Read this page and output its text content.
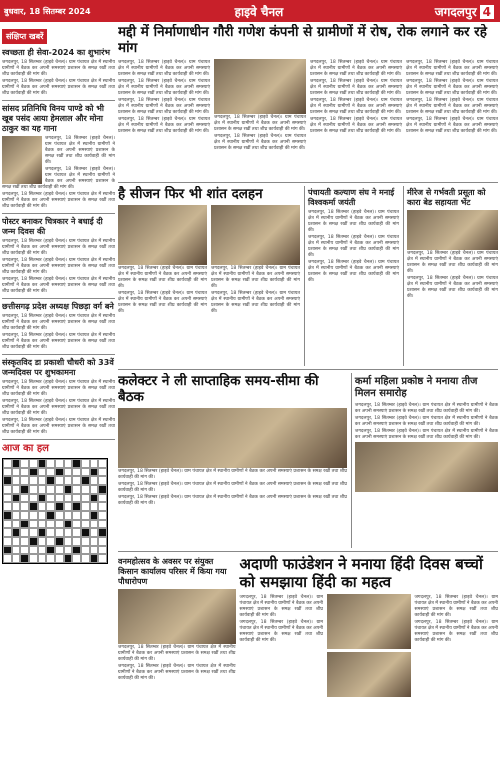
बुधवार, 18 सितम्बर 2024	हाइवे चैनल	जगदलपुर 4
संक्षिप्त खबरें
स्वच्छता ही सेवा-2024 का शुभारंभ
जगदलपुर, 18 सितम्बर (हाइवे चैनल)। ग्राम पंचायत क्षेत्र में स्थानीय ग्रामीणों ने बैठक कर अपनी समस्याएं प्रशासन के समक्ष रखीं तथा शीघ्र कार्यवाही की मांग की।
जगदलपुर, 18 सितम्बर (हाइवे चैनल)। ग्राम पंचायत क्षेत्र में स्थानीय ग्रामीणों ने बैठक कर अपनी समस्याएं प्रशासन के समक्ष रखीं तथा शीघ्र कार्यवाही की मांग की।
सांसद प्रतिनिधि विनय पाण्डे को भी खूब पसंद आया हेमलाल और मोना ठाकुर का यह गाना
जगदलपुर, 18 सितम्बर (हाइवे चैनल)। ग्राम पंचायत क्षेत्र में स्थानीय ग्रामीणों ने बैठक कर अपनी समस्याएं प्रशासन के समक्ष रखीं तथा शीघ्र कार्यवाही की मांग की।
जगदलपुर, 18 सितम्बर (हाइवे चैनल)। ग्राम पंचायत क्षेत्र में स्थानीय ग्रामीणों ने बैठक कर अपनी समस्याएं प्रशासन के समक्ष रखीं तथा शीघ्र कार्यवाही की मांग की।
जगदलपुर, 18 सितम्बर (हाइवे चैनल)। ग्राम पंचायत क्षेत्र में स्थानीय ग्रामीणों ने बैठक कर अपनी समस्याएं प्रशासन के समक्ष रखीं तथा शीघ्र कार्यवाही की मांग की।
पोस्टर बनाकर चित्रकार ने बधाई दी जन्म दिवस की
जगदलपुर, 18 सितम्बर (हाइवे चैनल)। ग्राम पंचायत क्षेत्र में स्थानीय ग्रामीणों ने बैठक कर अपनी समस्याएं प्रशासन के समक्ष रखीं तथा शीघ्र कार्यवाही की मांग की।
जगदलपुर, 18 सितम्बर (हाइवे चैनल)। ग्राम पंचायत क्षेत्र में स्थानीय ग्रामीणों ने बैठक कर अपनी समस्याएं प्रशासन के समक्ष रखीं तथा शीघ्र कार्यवाही की मांग की।
जगदलपुर, 18 सितम्बर (हाइवे चैनल)। ग्राम पंचायत क्षेत्र में स्थानीय ग्रामीणों ने बैठक कर अपनी समस्याएं प्रशासन के समक्ष रखीं तथा शीघ्र कार्यवाही की मांग की।
छत्तीसगढ़ प्रदेश अध्यक्ष पिछड़ा वर्ग बने
जगदलपुर, 18 सितम्बर (हाइवे चैनल)। ग्राम पंचायत क्षेत्र में स्थानीय ग्रामीणों ने बैठक कर अपनी समस्याएं प्रशासन के समक्ष रखीं तथा शीघ्र कार्यवाही की मांग की।
जगदलपुर, 18 सितम्बर (हाइवे चैनल)। ग्राम पंचायत क्षेत्र में स्थानीय ग्रामीणों ने बैठक कर अपनी समस्याएं प्रशासन के समक्ष रखीं तथा शीघ्र कार्यवाही की मांग की।
संस्कृतविद डा प्रकाशी चौधरी को 33वें जन्मदिवस पर शुभकामना
जगदलपुर, 18 सितम्बर (हाइवे चैनल)। ग्राम पंचायत क्षेत्र में स्थानीय ग्रामीणों ने बैठक कर अपनी समस्याएं प्रशासन के समक्ष रखीं तथा शीघ्र कार्यवाही की मांग की।
जगदलपुर, 18 सितम्बर (हाइवे चैनल)। ग्राम पंचायत क्षेत्र में स्थानीय ग्रामीणों ने बैठक कर अपनी समस्याएं प्रशासन के समक्ष रखीं तथा शीघ्र कार्यवाही की मांग की।
जगदलपुर, 18 सितम्बर (हाइवे चैनल)। ग्राम पंचायत क्षेत्र में स्थानीय ग्रामीणों ने बैठक कर अपनी समस्याएं प्रशासन के समक्ष रखीं तथा शीघ्र कार्यवाही की मांग की।
आज का हल
मद्दी में निर्माणाधीन गौरी गणेश कंपनी से ग्रामीणों में रोष, रोक लगाने कर रहे मांग
जगदलपुर, 18 सितम्बर (हाइवे चैनल)। ग्राम पंचायत क्षेत्र में स्थानीय ग्रामीणों ने बैठक कर अपनी समस्याएं प्रशासन के समक्ष रखीं तथा शीघ्र कार्यवाही की मांग की।
जगदलपुर, 18 सितम्बर (हाइवे चैनल)। ग्राम पंचायत क्षेत्र में स्थानीय ग्रामीणों ने बैठक कर अपनी समस्याएं प्रशासन के समक्ष रखीं तथा शीघ्र कार्यवाही की मांग की।
जगदलपुर, 18 सितम्बर (हाइवे चैनल)। ग्राम पंचायत क्षेत्र में स्थानीय ग्रामीणों ने बैठक कर अपनी समस्याएं प्रशासन के समक्ष रखीं तथा शीघ्र कार्यवाही की मांग की।
जगदलपुर, 18 सितम्बर (हाइवे चैनल)। ग्राम पंचायत क्षेत्र में स्थानीय ग्रामीणों ने बैठक कर अपनी समस्याएं प्रशासन के समक्ष रखीं तथा शीघ्र कार्यवाही की मांग की।
जगदलपुर, 18 सितम्बर (हाइवे चैनल)। ग्राम पंचायत क्षेत्र में स्थानीय ग्रामीणों ने बैठक कर अपनी समस्याएं प्रशासन के समक्ष रखीं तथा शीघ्र कार्यवाही की मांग की।
जगदलपुर, 18 सितम्बर (हाइवे चैनल)। ग्राम पंचायत क्षेत्र में स्थानीय ग्रामीणों ने बैठक कर अपनी समस्याएं प्रशासन के समक्ष रखीं तथा शीघ्र कार्यवाही की मांग की।
जगदलपुर, 18 सितम्बर (हाइवे चैनल)। ग्राम पंचायत क्षेत्र में स्थानीय ग्रामीणों ने बैठक कर अपनी समस्याएं प्रशासन के समक्ष रखीं तथा शीघ्र कार्यवाही की मांग की।
जगदलपुर, 18 सितम्बर (हाइवे चैनल)। ग्राम पंचायत क्षेत्र में स्थानीय ग्रामीणों ने बैठक कर अपनी समस्याएं प्रशासन के समक्ष रखीं तथा शीघ्र कार्यवाही की मांग की।
जगदलपुर, 18 सितम्बर (हाइवे चैनल)। ग्राम पंचायत क्षेत्र में स्थानीय ग्रामीणों ने बैठक कर अपनी समस्याएं प्रशासन के समक्ष रखीं तथा शीघ्र कार्यवाही की मांग की।
जगदलपुर, 18 सितम्बर (हाइवे चैनल)। ग्राम पंचायत क्षेत्र में स्थानीय ग्रामीणों ने बैठक कर अपनी समस्याएं प्रशासन के समक्ष रखीं तथा शीघ्र कार्यवाही की मांग की।
जगदलपुर, 18 सितम्बर (हाइवे चैनल)। ग्राम पंचायत क्षेत्र में स्थानीय ग्रामीणों ने बैठक कर अपनी समस्याएं प्रशासन के समक्ष रखीं तथा शीघ्र कार्यवाही की मांग की।
जगदलपुर, 18 सितम्बर (हाइवे चैनल)। ग्राम पंचायत क्षेत्र में स्थानीय ग्रामीणों ने बैठक कर अपनी समस्याएं प्रशासन के समक्ष रखीं तथा शीघ्र कार्यवाही की मांग की।
जगदलपुर, 18 सितम्बर (हाइवे चैनल)। ग्राम पंचायत क्षेत्र में स्थानीय ग्रामीणों ने बैठक कर अपनी समस्याएं प्रशासन के समक्ष रखीं तथा शीघ्र कार्यवाही की मांग की।
जगदलपुर, 18 सितम्बर (हाइवे चैनल)। ग्राम पंचायत क्षेत्र में स्थानीय ग्रामीणों ने बैठक कर अपनी समस्याएं प्रशासन के समक्ष रखीं तथा शीघ्र कार्यवाही की मांग की।
है सीजन फिर भी शांत दलहन
जगदलपुर, 18 सितम्बर (हाइवे चैनल)। ग्राम पंचायत क्षेत्र में स्थानीय ग्रामीणों ने बैठक कर अपनी समस्याएं प्रशासन के समक्ष रखीं तथा शीघ्र कार्यवाही की मांग की।
जगदलपुर, 18 सितम्बर (हाइवे चैनल)। ग्राम पंचायत क्षेत्र में स्थानीय ग्रामीणों ने बैठक कर अपनी समस्याएं प्रशासन के समक्ष रखीं तथा शीघ्र कार्यवाही की मांग की।
जगदलपुर, 18 सितम्बर (हाइवे चैनल)। ग्राम पंचायत क्षेत्र में स्थानीय ग्रामीणों ने बैठक कर अपनी समस्याएं प्रशासन के समक्ष रखीं तथा शीघ्र कार्यवाही की मांग की।
जगदलपुर, 18 सितम्बर (हाइवे चैनल)। ग्राम पंचायत क्षेत्र में स्थानीय ग्रामीणों ने बैठक कर अपनी समस्याएं प्रशासन के समक्ष रखीं तथा शीघ्र कार्यवाही की मांग की।
पंचायती कल्याण संघ ने मनाई विश्वकर्मा जयंती
जगदलपुर, 18 सितम्बर (हाइवे चैनल)। ग्राम पंचायत क्षेत्र में स्थानीय ग्रामीणों ने बैठक कर अपनी समस्याएं प्रशासन के समक्ष रखीं तथा शीघ्र कार्यवाही की मांग की।
जगदलपुर, 18 सितम्बर (हाइवे चैनल)। ग्राम पंचायत क्षेत्र में स्थानीय ग्रामीणों ने बैठक कर अपनी समस्याएं प्रशासन के समक्ष रखीं तथा शीघ्र कार्यवाही की मांग की।
जगदलपुर, 18 सितम्बर (हाइवे चैनल)। ग्राम पंचायत क्षेत्र में स्थानीय ग्रामीणों ने बैठक कर अपनी समस्याएं प्रशासन के समक्ष रखीं तथा शीघ्र कार्यवाही की मांग की।
मीरेज से गर्भवती प्रसूता को कारा बेड सहायता भेंट
जगदलपुर, 18 सितम्बर (हाइवे चैनल)। ग्राम पंचायत क्षेत्र में स्थानीय ग्रामीणों ने बैठक कर अपनी समस्याएं प्रशासन के समक्ष रखीं तथा शीघ्र कार्यवाही की मांग की।
जगदलपुर, 18 सितम्बर (हाइवे चैनल)। ग्राम पंचायत क्षेत्र में स्थानीय ग्रामीणों ने बैठक कर अपनी समस्याएं प्रशासन के समक्ष रखीं तथा शीघ्र कार्यवाही की मांग की।
कलेक्टर ने ली साप्ताहिक समय-सीमा की बैठक
जगदलपुर, 18 सितम्बर (हाइवे चैनल)। ग्राम पंचायत क्षेत्र में स्थानीय ग्रामीणों ने बैठक कर अपनी समस्याएं प्रशासन के समक्ष रखीं तथा शीघ्र कार्यवाही की मांग की।
जगदलपुर, 18 सितम्बर (हाइवे चैनल)। ग्राम पंचायत क्षेत्र में स्थानीय ग्रामीणों ने बैठक कर अपनी समस्याएं प्रशासन के समक्ष रखीं तथा शीघ्र कार्यवाही की मांग की।
जगदलपुर, 18 सितम्बर (हाइवे चैनल)। ग्राम पंचायत क्षेत्र में स्थानीय ग्रामीणों ने बैठक कर अपनी समस्याएं प्रशासन के समक्ष रखीं तथा शीघ्र कार्यवाही की मांग की।
कर्मा महिला प्रकोष्ठ ने मनाया तीज मिलन समारोह
जगदलपुर, 18 सितम्बर (हाइवे चैनल)। ग्राम पंचायत क्षेत्र में स्थानीय ग्रामीणों ने बैठक कर अपनी समस्याएं प्रशासन के समक्ष रखीं तथा शीघ्र कार्यवाही की मांग की।
जगदलपुर, 18 सितम्बर (हाइवे चैनल)। ग्राम पंचायत क्षेत्र में स्थानीय ग्रामीणों ने बैठक कर अपनी समस्याएं प्रशासन के समक्ष रखीं तथा शीघ्र कार्यवाही की मांग की।
जगदलपुर, 18 सितम्बर (हाइवे चैनल)। ग्राम पंचायत क्षेत्र में स्थानीय ग्रामीणों ने बैठक कर अपनी समस्याएं प्रशासन के समक्ष रखीं तथा शीघ्र कार्यवाही की मांग की।
वनमहोत्सव के अवसर पर संयुक्त किसान कार्यालय परिसर में किया गया पौधारोपण
जगदलपुर, 18 सितम्बर (हाइवे चैनल)। ग्राम पंचायत क्षेत्र में स्थानीय ग्रामीणों ने बैठक कर अपनी समस्याएं प्रशासन के समक्ष रखीं तथा शीघ्र कार्यवाही की मांग की।
जगदलपुर, 18 सितम्बर (हाइवे चैनल)। ग्राम पंचायत क्षेत्र में स्थानीय ग्रामीणों ने बैठक कर अपनी समस्याएं प्रशासन के समक्ष रखीं तथा शीघ्र कार्यवाही की मांग की।
अदाणी फाउंडेशन ने मनाया हिंदी दिवस बच्चों को समझाया हिंदी का महत्व
जगदलपुर, 18 सितम्बर (हाइवे चैनल)। ग्राम पंचायत क्षेत्र में स्थानीय ग्रामीणों ने बैठक कर अपनी समस्याएं प्रशासन के समक्ष रखीं तथा शीघ्र कार्यवाही की मांग की।
जगदलपुर, 18 सितम्बर (हाइवे चैनल)। ग्राम पंचायत क्षेत्र में स्थानीय ग्रामीणों ने बैठक कर अपनी समस्याएं प्रशासन के समक्ष रखीं तथा शीघ्र कार्यवाही की मांग की।
जगदलपुर, 18 सितम्बर (हाइवे चैनल)। ग्राम पंचायत क्षेत्र में स्थानीय ग्रामीणों ने बैठक कर अपनी समस्याएं प्रशासन के समक्ष रखीं तथा शीघ्र कार्यवाही की मांग की।
जगदलपुर, 18 सितम्बर (हाइवे चैनल)। ग्राम पंचायत क्षेत्र में स्थानीय ग्रामीणों ने बैठक कर अपनी समस्याएं प्रशासन के समक्ष रखीं तथा शीघ्र कार्यवाही की मांग की।
